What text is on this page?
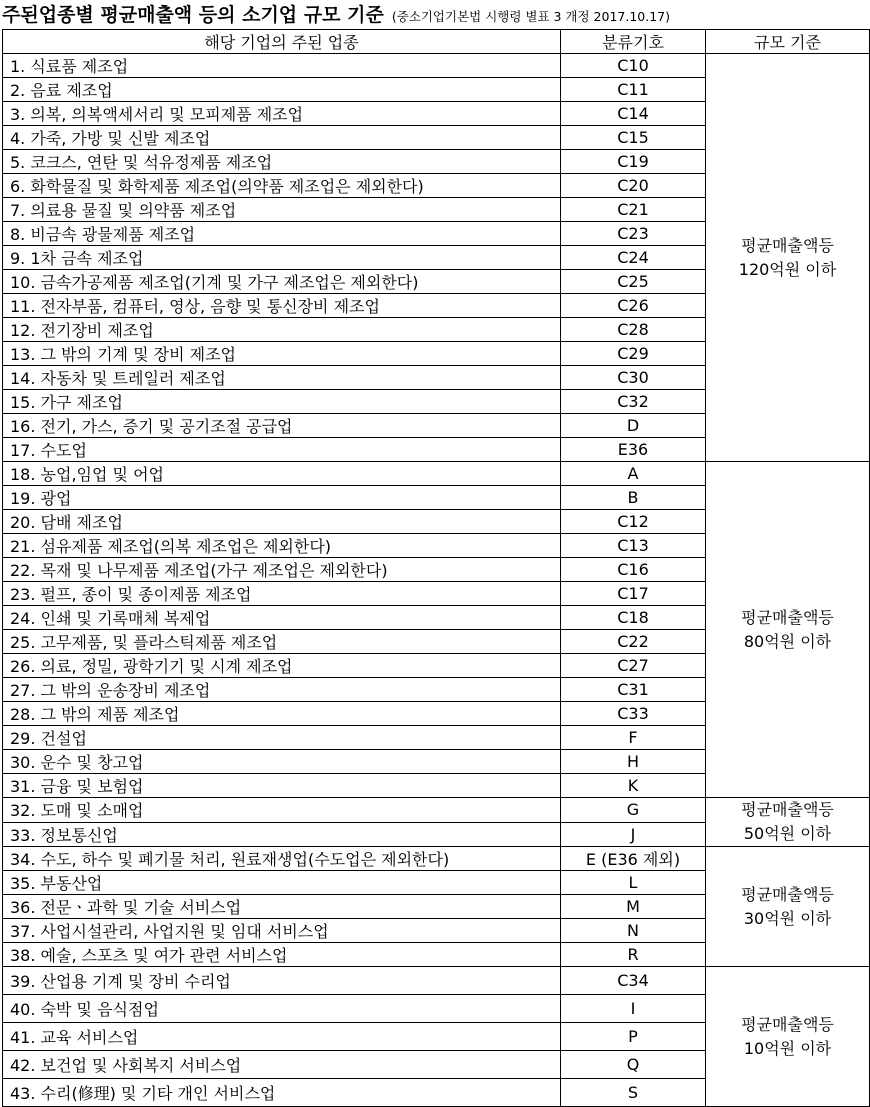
주된업종별 평균매출액 등의 소기업 규모 기준 (중소기업기본법 시행령 별표 3 개정 2017.10.17)
해당 기업의 주된 업종	분류기호	규모 기준
1. 식료품 제조업	C10	평균매출액등
120억원 이하

2. 음료 제조업	C11	
3. 의복, 의복액세서리 및 모피제품 제조업	C14	
4. 가죽, 가방 및 신발 제조업	C15	
5. 코크스, 연탄 및 석유정제품 제조업	C19	
6. 화학물질 및 화학제품 제조업(의약품 제조업은 제외한다)	C20	
7. 의료용 물질 및 의약품 제조업	C21	
8. 비금속 광물제품 제조업	C23	
9. 1차 금속 제조업	C24	
10. 금속가공제품 제조업(기계 및 가구 제조업은 제외한다)	C25	
11. 전자부품, 컴퓨터, 영상, 음향 및 통신장비 제조업	C26	
12. 전기장비 제조업	C28	
13. 그 밖의 기계 및 장비 제조업	C29	
14. 자동차 및 트레일러 제조업	C30	
15. 가구 제조업	C32	
16. 전기, 가스, 증기 및 공기조절 공급업	D	
17. 수도업	E36	
18. 농업,임업 및 어업	A	평균매출액등
80억원 이하

19. 광업	B	
20. 담배 제조업	C12	
21. 섬유제품 제조업(의복 제조업은 제외한다)	C13	
22. 목재 및 나무제품 제조업(가구 제조업은 제외한다)	C16	
23. 펄프, 종이 및 종이제품 제조업	C17	
24. 인쇄 및 기록매체 복제업	C18	
25. 고무제품, 및 플라스틱제품 제조업	C22	
26. 의료, 정밀, 광학기기 및 시계 제조업	C27	
27. 그 밖의 운송장비 제조업	C31	
28. 그 밖의 제품 제조업	C33	
29. 건설업	F	
30. 운수 및 창고업	H	
31. 금융 및 보험업	K	
32. 도매 및 소매업	G	평균매출액등
50억원 이하

33. 정보통신업	J	
34. 수도, 하수 및 폐기물 처리, 원료재생업(수도업은 제외한다)	E (E36 제외)	평균매출액등
30억원 이하

35. 부동산업	L	
36. 전문ㆍ과학 및 기술 서비스업	M	
37. 사업시설관리, 사업지원 및 임대 서비스업	N	
38. 예술, 스포츠 및 여가 관련 서비스업	R	
39. 산업용 기계 및 장비 수리업	C34	평균매출액등
10억원 이하

40. 숙박 및 음식점업	I	
41. 교육 서비스업	P	
42. 보건업 및 사회복지 서비스업	Q	
43. 수리(修理) 및 기타 개인 서비스업	S	
